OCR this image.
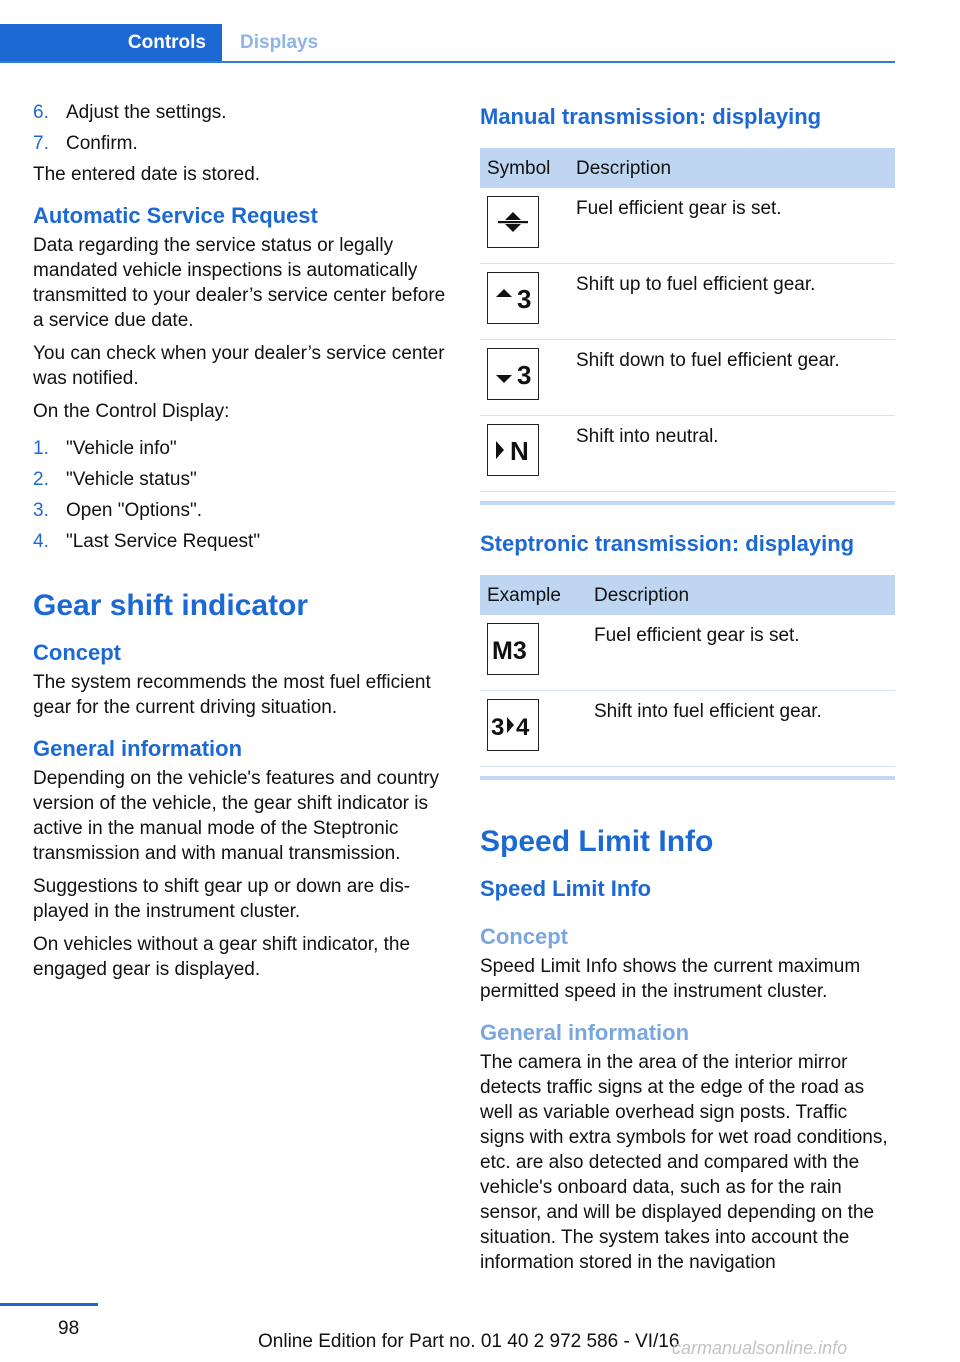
Controls	Displays
6. Adjust the settings.
7. Confirm.

The entered date is stored.

Automatic Service Request

Data regarding the service status or legally mandated vehicle inspections is automatically transmitted to your dealer’s service center before a service due date.

You can check when your dealer’s service center was notified.

On the Control Display:

1. "Vehicle info"
2. "Vehicle status"
3. Open "Options".
4. "Last Service Request"
Gear shift indicator
Concept

The system recommends the most fuel efficient gear for the current driving situation.

General information

Depending on the vehicle's features and country version of the vehicle, the gear shift indicator is active in the manual mode of the Steptronic transmission and with manual transmission.

Suggestions to shift gear up or down are displayed in the instrument cluster.

On vehicles without a gear shift indicator, the engaged gear is displayed.

Manual transmission: displaying
Symbol	Description

	Fuel efficient gear is set.

3	Shift up to fuel efficient gear.

3	Shift down to fuel efficient gear.

N	Shift into neutral.
Steptronic transmission: displaying
Example	Description

M3	Fuel efficient gear is set.

3 4	Shift into fuel efficient gear.
Speed Limit Info
Speed Limit Info
Concept

Speed Limit Info shows the current maximum permitted speed in the instrument cluster.

General information

The camera in the area of the interior mirror detects traffic signs at the edge of the road as well as variable overhead sign posts. Traffic signs with extra symbols for wet road conditions, etc. are also detected and compared with the vehicle's onboard data, such as for the rain sensor, and will be displayed depending on the situation. The system takes into account the information stored in the navigation

98
Online Edition for Part no. 01 40 2 972 586 - VI/16
carmanualsonline.info
